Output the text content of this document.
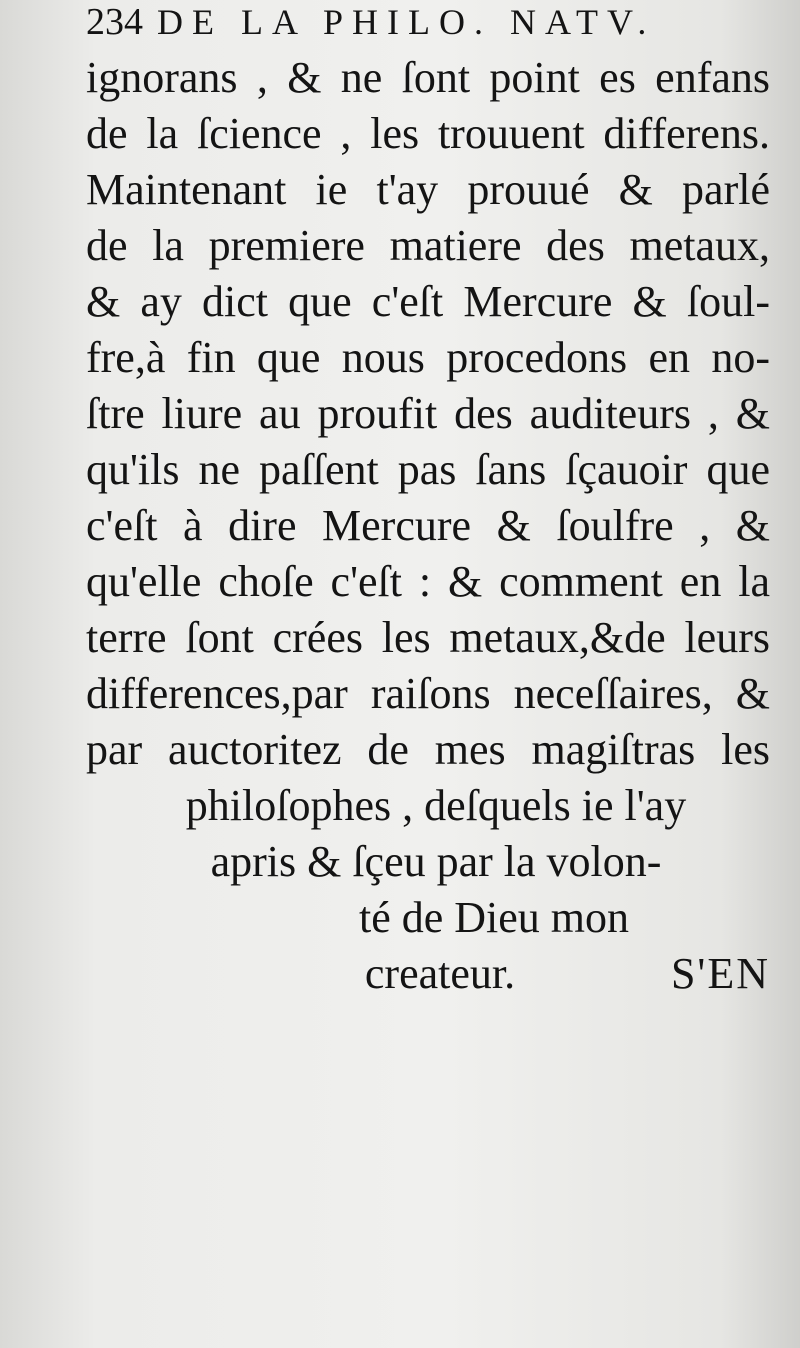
234 DE LA PHILO. NATV.
ignorans , & ne ſont point es enfans
de la ſcience , les trouuent differens.
Maintenant ie t'ay prouué & parlé
de la premiere matiere des metaux,
& ay dict que c'eſt Mercure & ſoul-
fre,à fin que nous procedons en no-
ſtre liure au proufit des auditeurs , &
qu'ils ne paſſent pas ſans ſçauoir que
c'eſt à dire Mercure & ſoulfre , &
qu'elle choſe c'eſt : & comment en la
terre ſont crées les metaux,&de leurs
differences,par raiſons neceſſaires, &
par auctoritez de mes magiſtras les
philoſophes , deſquels ie l'ay
apris & ſçeu par la volon-
té de Dieu mon
createur.	S'EN
